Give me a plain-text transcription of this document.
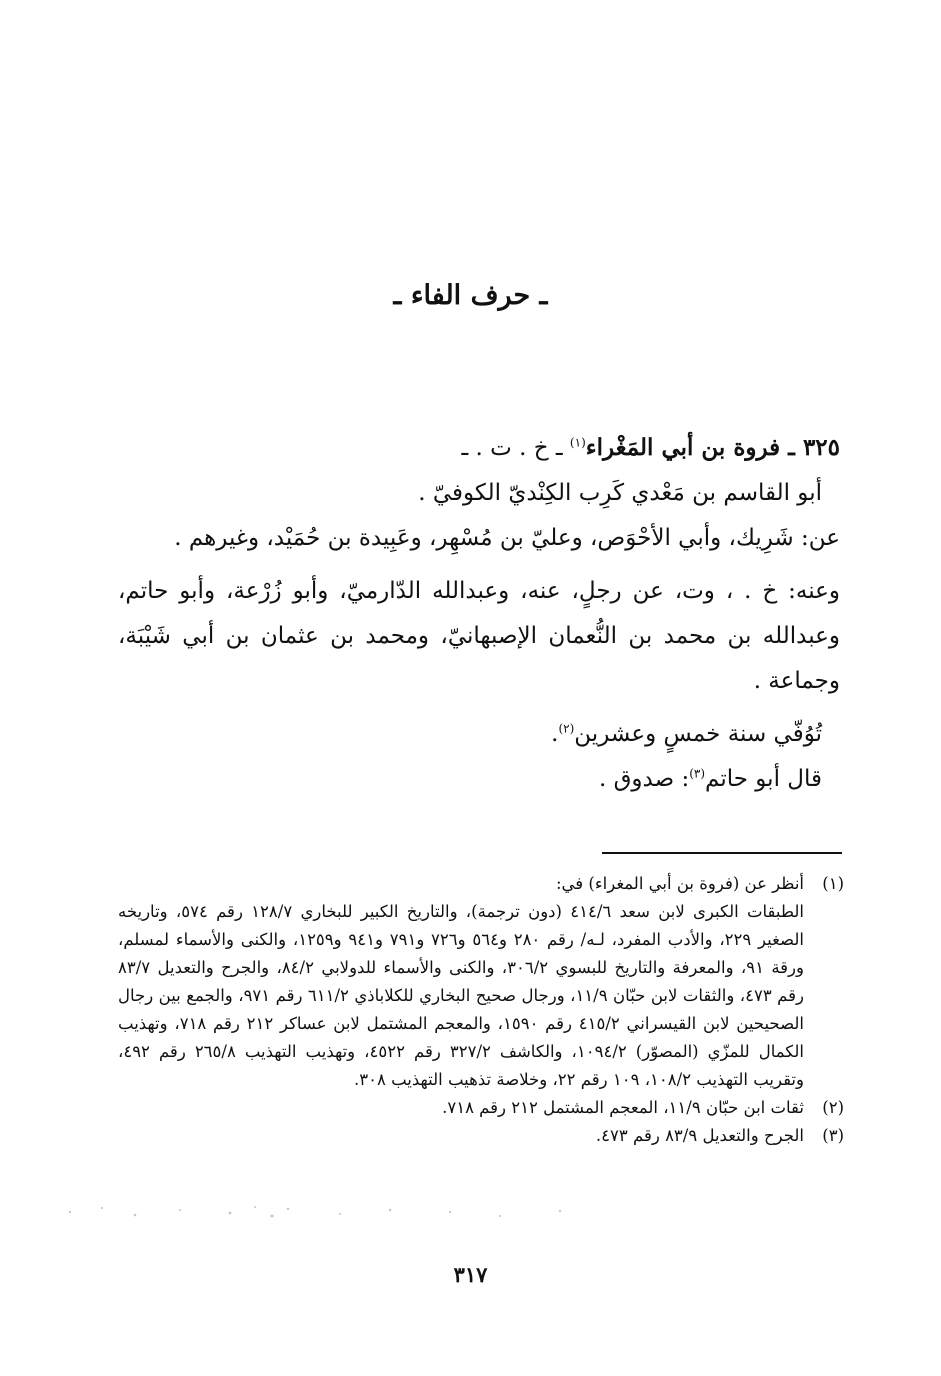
ـ حرف الفاء ـ

٣٢٥ ـ فروة بن أبي المَغْراء$^{(١)}$ ـ خ . ت . ـ

أبو القاسم بن مَعْدي كَرِب الكِنْديّ الكوفيّ .

عن: شَرِيك، وأبي الأحْوَص، وعليّ بن مُسْهِر، وعَبِيدة بن حُمَيْد، وغيرهم .

وعنه: خ . ، وت، عن رجلٍ، عنه، وعبدالله الدّارميّ، وأبو زُرْعة، وأبو حاتم، وعبدالله بن محمد بن النُّعمان الإصبهانيّ، ومحمد بن عثمان بن أبي شَيْبَة، وجماعة .

تُوُفّي سنة خمسٍ وعشرين$^{(٢)}$.

قال أبو حاتم$^{(٣)}$: صدوق .

(١)

أنظر عن (فروة بن أبي المغراء) في:

الطبقات الكبرى لابن سعد ٤١٤/٦ (دون ترجمة)، والتاريخ الكبير للبخاري ١٢٨/٧ رقم ٥٧٤، وتاريخه الصغير ٢٢٩، والأدب المفرد، لـه/ رقم ٢٨٠ و٥٦٤ و٧٢٦ و٧٩١ و٩٤١ و١٢٥٩، والكنى والأسماء لمسلم، ورقة ٩١، والمعرفة والتاريخ للبسوي ٣٠٦/٢، والكنى والأسماء للدولابي ٨٤/٢، والجرح والتعديل ٨٣/٧ رقم ٤٧٣، والثقات لابن حبّان ١١/٩، ورجال صحيح البخاري للكلاباذي ٦١١/٢ رقم ٩٧١، والجمع بين رجال الصحيحين لابن القيسراني ٤١٥/٢ رقم ١٥٩٠، والمعجم المشتمل لابن عساكر ٢١٢ رقم ٧١٨، وتهذيب الكمال للمزّي (المصوّر) ١٠٩٤/٢، والكاشف ٣٢٧/٢ رقم ٤٥٢٢، وتهذيب التهذيب ٢٦٥/٨ رقم ٤٩٢، وتقريب التهذيب ١٠٨/٢، ١٠٩ رقم ٢٢، وخلاصة تذهيب التهذيب ٣٠٨.

(٢)

ثقات ابن حبّان ١١/٩، المعجم المشتمل ٢١٢ رقم ٧١٨.

(٣)

الجرح والتعديل ٨٣/٩ رقم ٤٧٣.

٣١٧
